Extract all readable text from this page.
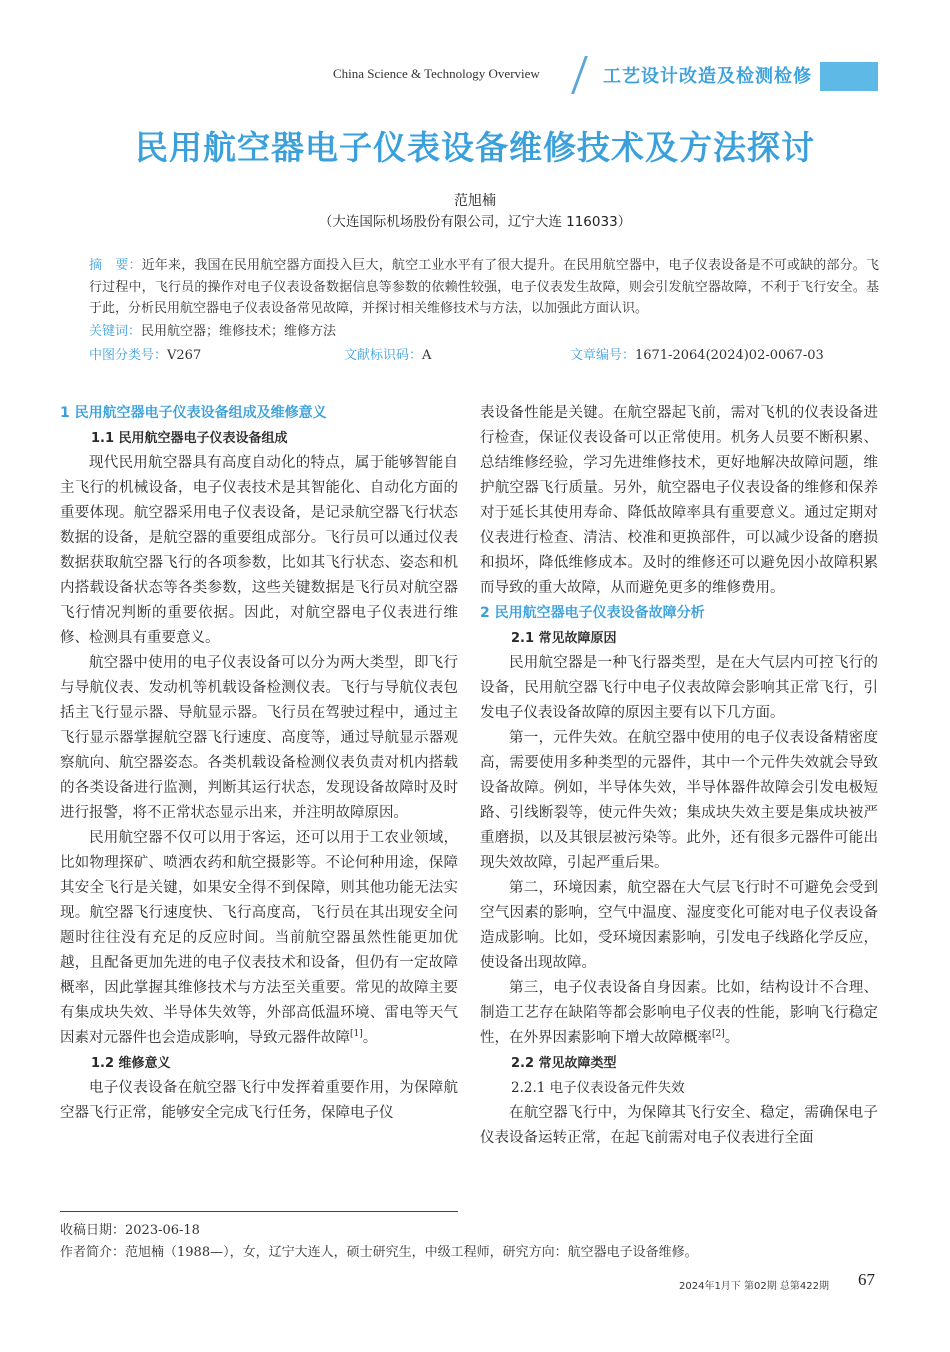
China Science & Technology Overview	工艺设计改造及检测检修
民用航空器电子仪表设备维修技术及方法探讨
范旭楠
（大连国际机场股份有限公司，辽宁大连 116033）
摘　要：近年来，我国在民用航空器方面投入巨大，航空工业水平有了很大提升。在民用航空器中，电子仪表设备是不可或缺的部分。飞行过程中，飞行员的操作对电子仪表设备数据信息等参数的依赖性较强，电子仪表发生故障，则会引发航空器故障，不利于飞行安全。基于此，分析民用航空器电子仪表设备常见故障，并探讨相关维修技术与方法，以加强此方面认识。
关键词：民用航空器；维修技术；维修方法
中图分类号：V267	文献标识码：A	文章编号：1671-2064(2024)02-0067-03
1 民用航空器电子仪表设备组成及维修意义
1.1 民用航空器电子仪表设备组成
现代民用航空器具有高度自动化的特点，属于能够智能自主飞行的机械设备，电子仪表技术是其智能化、自动化方面的重要体现。航空器采用电子仪表设备，是记录航空器飞行状态数据的设备，是航空器的重要组成部分。飞行员可以通过仪表数据获取航空器飞行的各项参数，比如其飞行状态、姿态和机内搭载设备状态等各类参数，这些关键数据是飞行员对航空器飞行情况判断的重要依据。因此，对航空器电子仪表进行维修、检测具有重要意义。
航空器中使用的电子仪表设备可以分为两大类型，即飞行与导航仪表、发动机等机载设备检测仪表。飞行与导航仪表包括主飞行显示器、导航显示器。飞行员在驾驶过程中，通过主飞行显示器掌握航空器飞行速度、高度等，通过导航显示器观察航向、航空器姿态。各类机载设备检测仪表负责对机内搭载的各类设备进行监测，判断其运行状态，发现设备故障时及时进行报警，将不正常状态显示出来，并注明故障原因。
民用航空器不仅可以用于客运，还可以用于工农业领域，比如物理探矿、喷洒农药和航空摄影等。不论何种用途，保障其安全飞行是关键，如果安全得不到保障，则其他功能无法实现。航空器飞行速度快、飞行高度高，飞行员在其出现安全问题时往往没有充足的反应时间。当前航空器虽然性能更加优越，且配备更加先进的电子仪表技术和设备，但仍有一定故障概率，因此掌握其维修技术与方法至关重要。常见的故障主要有集成块失效、半导体失效等，外部高低温环境、雷电等天气因素对元器件也会造成影响，导致元器件故障[1]。
1.2 维修意义
电子仪表设备在航空器飞行中发挥着重要作用，为保障航空器飞行正常，能够安全完成飞行任务，保障电子仪
表设备性能是关键。在航空器起飞前，需对飞机的仪表设备进行检查，保证仪表设备可以正常使用。机务人员要不断积累、总结维修经验，学习先进维修技术，更好地解决故障问题，维护航空器飞行质量。另外，航空器电子仪表设备的维修和保养对于延长其使用寿命、降低故障率具有重要意义。通过定期对仪表进行检查、清洁、校准和更换部件，可以减少设备的磨损和损坏，降低维修成本。及时的维修还可以避免因小故障积累而导致的重大故障，从而避免更多的维修费用。
2 民用航空器电子仪表设备故障分析
2.1 常见故障原因
民用航空器是一种飞行器类型，是在大气层内可控飞行的设备，民用航空器飞行中电子仪表故障会影响其正常飞行，引发电子仪表设备故障的原因主要有以下几方面。
第一，元件失效。在航空器中使用的电子仪表设备精密度高，需要使用多种类型的元器件，其中一个元件失效就会导致设备故障。例如，半导体失效，半导体器件故障会引发电极短路、引线断裂等，使元件失效；集成块失效主要是集成块被严重磨损，以及其银层被污染等。此外，还有很多元器件可能出现失效故障，引起严重后果。
第二，环境因素，航空器在大气层飞行时不可避免会受到空气因素的影响，空气中温度、湿度变化可能对电子仪表设备造成影响。比如，受环境因素影响，引发电子线路化学反应，使设备出现故障。
第三，电子仪表设备自身因素。比如，结构设计不合理、制造工艺存在缺陷等都会影响电子仪表的性能，影响飞行稳定性，在外界因素影响下增大故障概率[2]。
2.2 常见故障类型
2.2.1 电子仪表设备元件失效
在航空器飞行中，为保障其飞行安全、稳定，需确保电子仪表设备运转正常，在起飞前需对电子仪表进行全面
收稿日期：2023-06-18
作者简介：范旭楠（1988—），女，辽宁大连人，硕士研究生，中级工程师，研究方向：航空器电子设备维修。
2024年1月下 第02期 总第422期 67
